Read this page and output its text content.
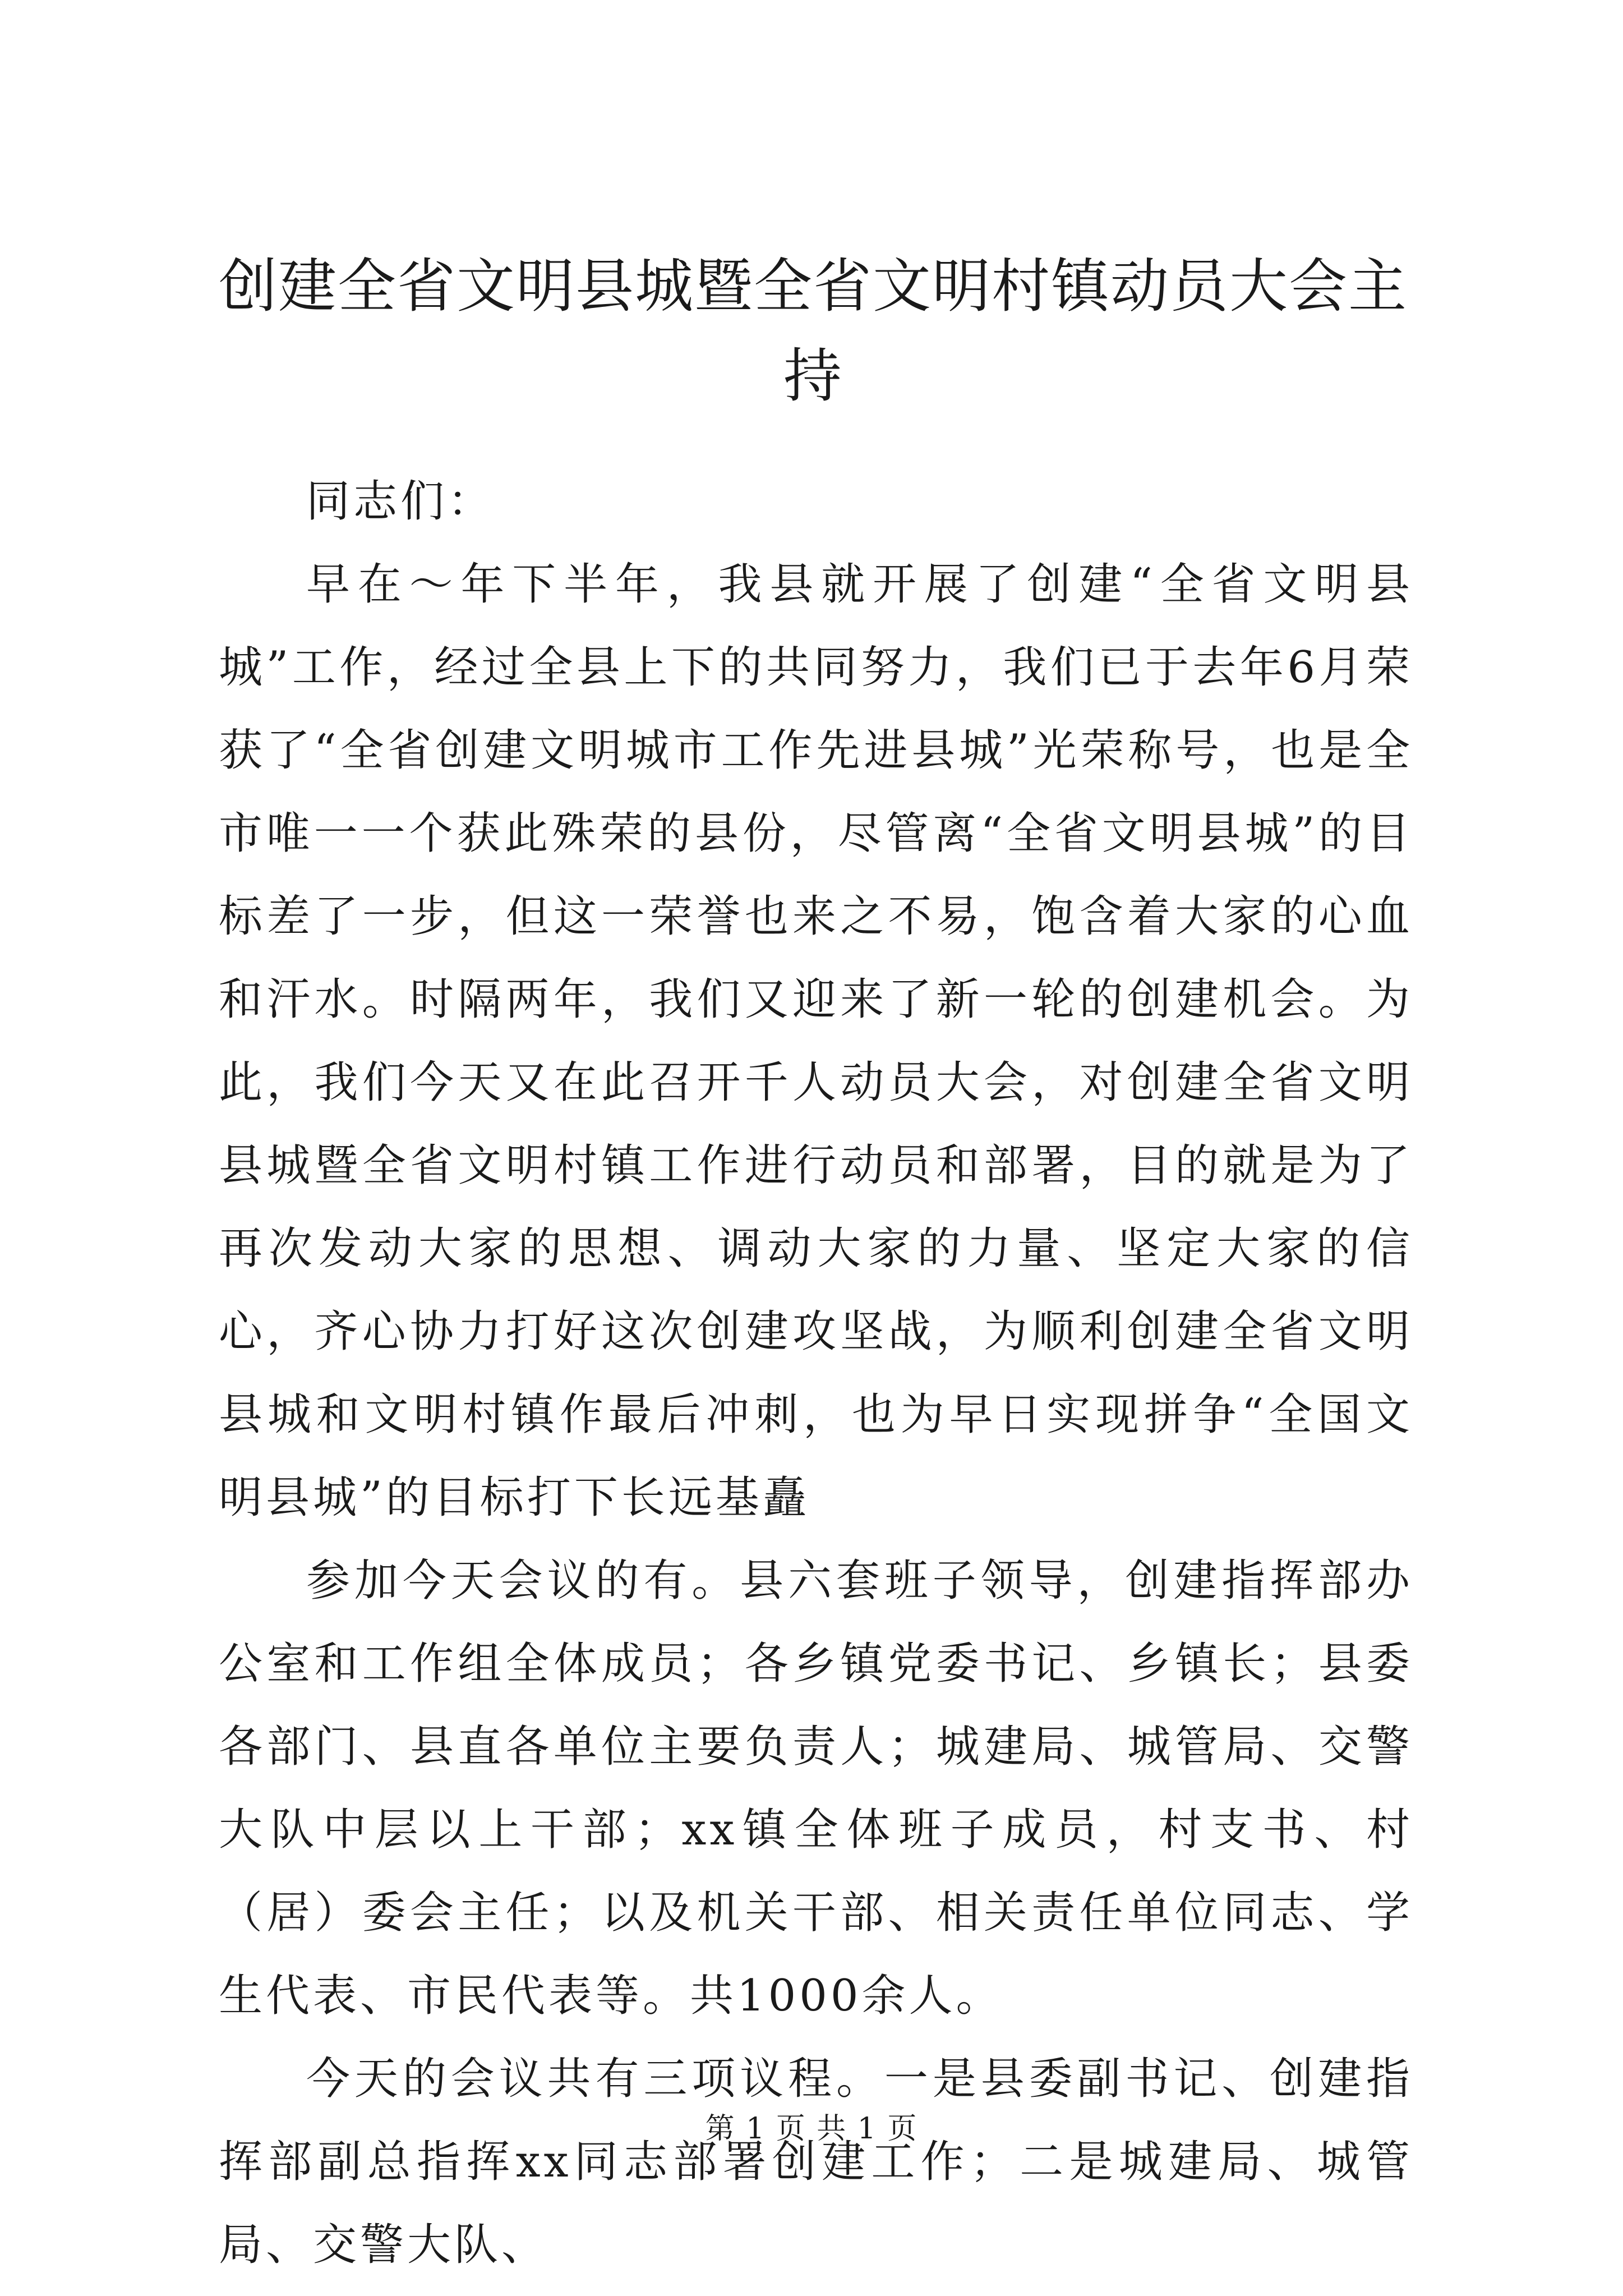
创建全省文明县城暨全省文明村镇动员大会主持

同志们：

早在～年下半年，我县就开展了创建“全省文明县城”工作，经过全县上下的共同努力，我们已于去年6月荣获了“全省创建文明城市工作先进县城”光荣称号，也是全市唯一一个获此殊荣的县份，尽管离“全省文明县城”的目标差了一步，但这一荣誉也来之不易，饱含着大家的心血和汗水。时隔两年，我们又迎来了新一轮的创建机会。为此，我们今天又在此召开千人动员大会，对创建全省文明县城暨全省文明村镇工作进行动员和部署，目的就是为了再次发动大家的思想、调动大家的力量、坚定大家的信心，齐心协力打好这次创建攻坚战，为顺利创建全省文明县城和文明村镇作最后冲刺，也为早日实现拼争“全国文明县城”的目标打下长远基矗

参加今天会议的有。县六套班子领导，创建指挥部办公室和工作组全体成员；各乡镇党委书记、乡镇长；县委各部门、县直各单位主要负责人；城建局、城管局、交警大队中层以上干部；xx镇全体班子成员，村支书、村（居）委会主任；以及机关干部、相关责任单位同志、学生代表、市民代表等。共1000余人。

今天的会议共有三项议程。一是县委副书记、创建指挥部副总指挥xx同志部署创建工作；二是城建局、城管局、交警大队、

第 1 页 共 1 页
